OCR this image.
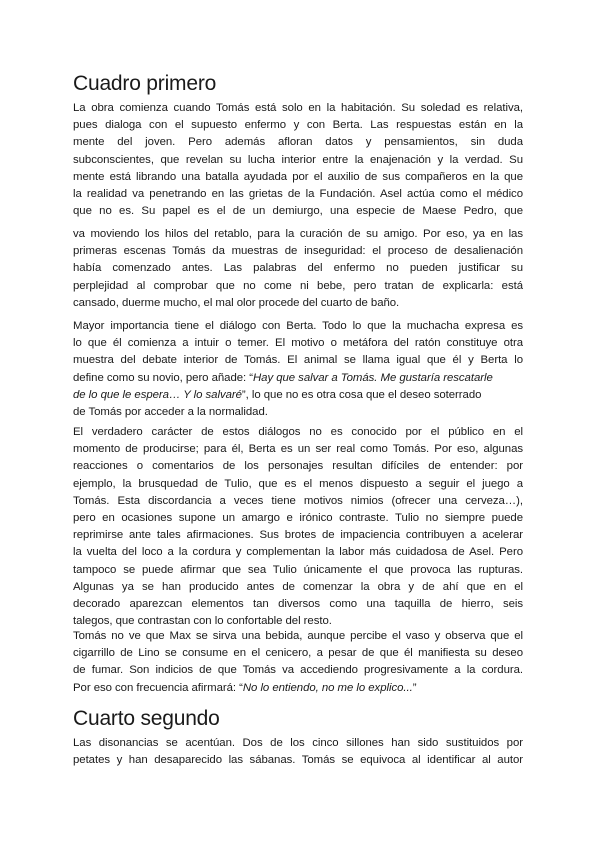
Cuadro primero
La obra comienza cuando Tomás está solo en la habitación. Su soledad es relativa,
pues dialoga con el supuesto enfermo y con Berta. Las respuestas están en la
mente del joven. Pero además afloran datos y pensamientos, sin duda
subconscientes, que revelan su lucha interior entre la enajenación y la verdad. Su
mente está librando una batalla ayudada por el auxilio de sus compañeros en la que
la realidad va penetrando en las grietas de la Fundación. Asel actúa como el médico
que no es. Su papel es el de un demiurgo, una especie de Maese Pedro, que
va moviendo los hilos del retablo, para la curación de su amigo. Por eso, ya en las
primeras escenas Tomás da muestras de inseguridad: el proceso de desalienación
había comenzado antes. Las palabras del enfermo no pueden justificar su
perplejidad al comprobar que no come ni bebe, pero tratan de explicarla: está
cansado, duerme mucho, el mal olor procede del cuarto de baño.
Mayor importancia tiene el diálogo con Berta. Todo lo que la muchacha expresa es
lo que él comienza a intuir o temer. El motivo o metáfora del ratón constituye otra
muestra del debate interior de Tomás. El animal se llama igual que él y Berta lo
define como su novio, pero añade: “Hay que salvar a Tomás. Me gustaría rescatarle
de lo que le espera… Y lo salvaré”, lo que no es otra cosa que el deseo soterrado
de Tomás por acceder a la normalidad.
El verdadero carácter de estos diálogos no es conocido por el público en el
momento de producirse; para él, Berta es un ser real como Tomás. Por eso, algunas
reacciones o comentarios de los personajes resultan difíciles de entender: por
ejemplo, la brusquedad de Tulio, que es el menos dispuesto a seguir el juego a
Tomás. Esta discordancia a veces tiene motivos nimios (ofrecer una cerveza…),
pero en ocasiones supone un amargo e irónico contraste. Tulio no siempre puede
reprimirse ante tales afirmaciones. Sus brotes de impaciencia contribuyen a acelerar
la vuelta del loco a la cordura y complementan la labor más cuidadosa de Asel. Pero
tampoco se puede afirmar que sea Tulio únicamente el que provoca las rupturas.
Algunas ya se han producido antes de comenzar la obra y de ahí que en el
decorado aparezcan elementos tan diversos como una taquilla de hierro, seis
talegos, que contrastan con lo confortable del resto.
Tomás no ve que Max se sirva una bebida, aunque percibe el vaso y observa que el
cigarrillo de Lino se consume en el cenicero, a pesar de que él manifiesta su deseo
de fumar. Son indicios de que Tomás va accediendo progresivamente a la cordura.
Por eso con frecuencia afirmará: “No lo entiendo, no me lo explico...”
Cuarto segundo
Las disonancias se acentúan. Dos de los cinco sillones han sido sustituidos por
petates y han desaparecido las sábanas. Tomás se equivoca al identificar al autor
